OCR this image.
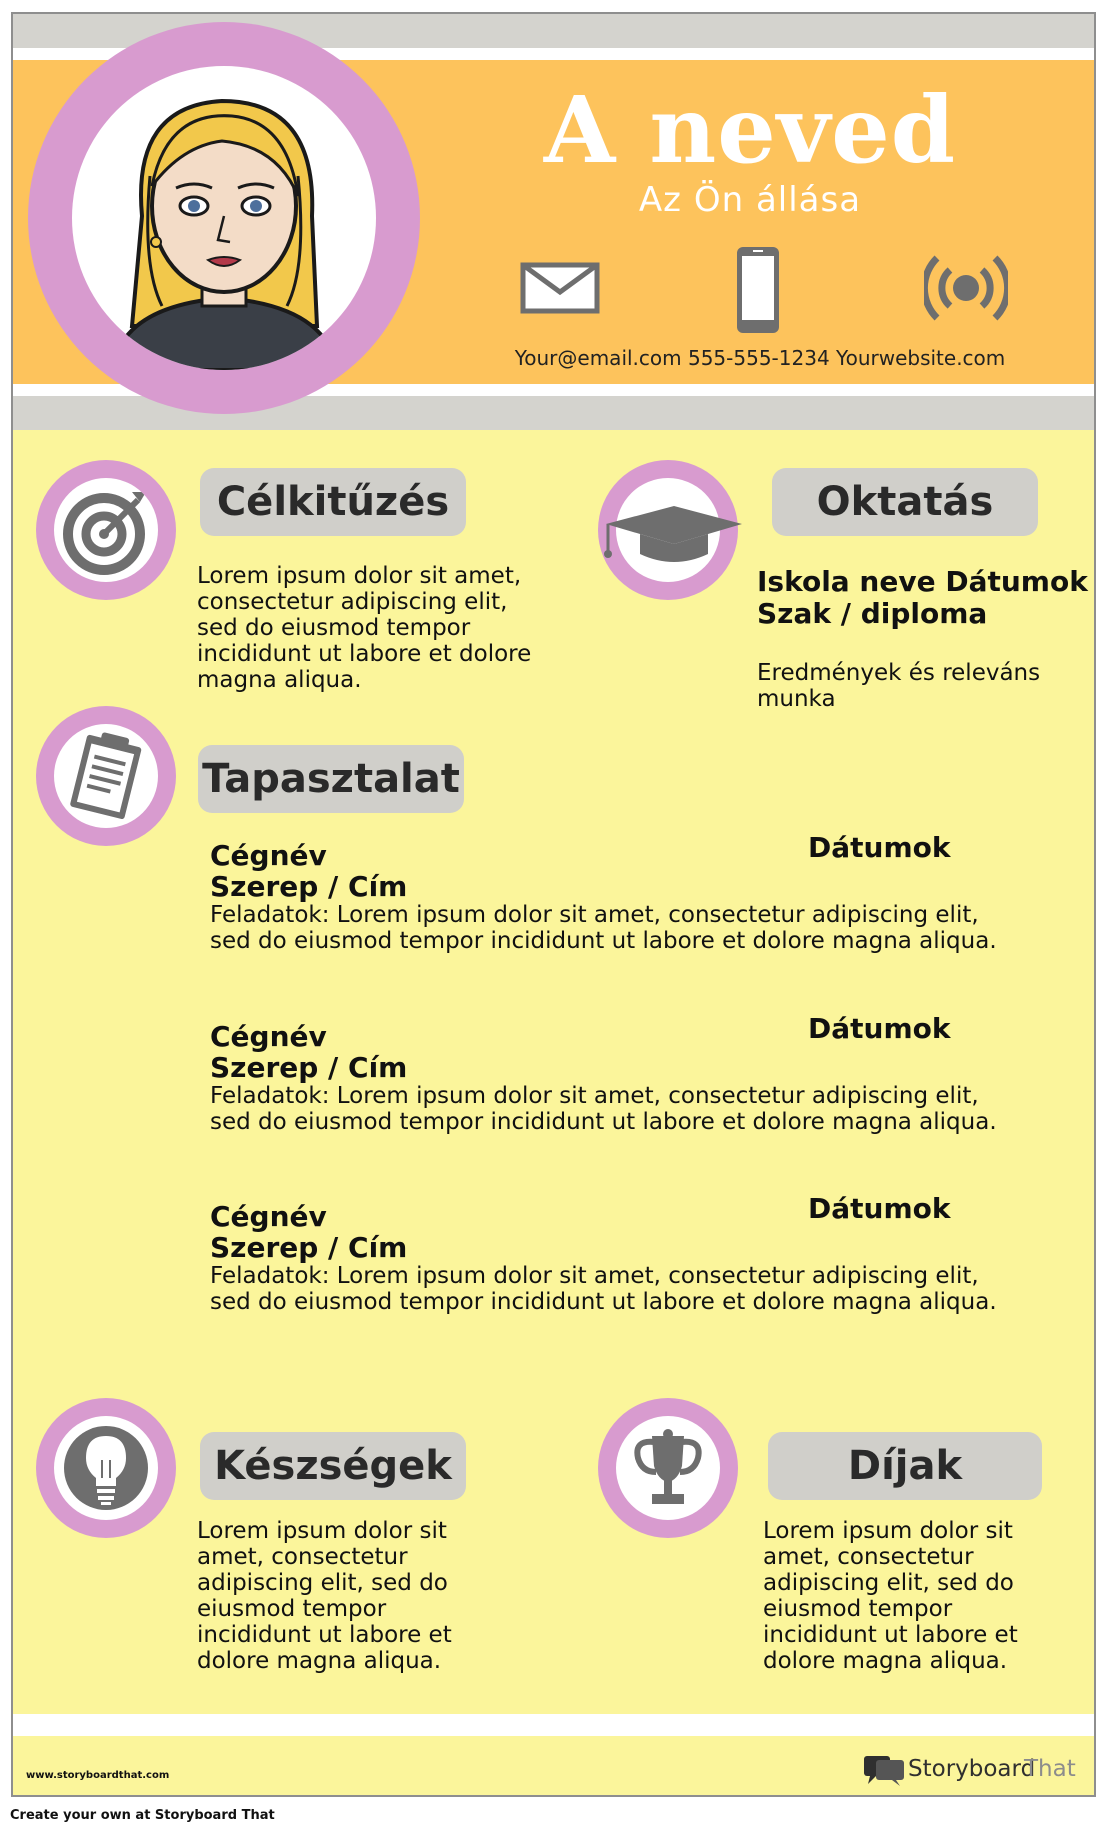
A neved
Az Ön állása
Your@email.com 555-555-1234 Yourwebsite.com
Célkitűzés
Lorem ipsum dolor sit amet, consectetur adipiscing elit, sed do eiusmod tempor incididunt ut labore et dolore magna aliqua.
Oktatás
Iskola neve Dátumok
Szak / diploma
Eredmények és releváns munka
Tapasztalat
Cégnév	Dátumok
Szerep / Cím
Feladatok: Lorem ipsum dolor sit amet, consectetur adipiscing elit, sed do eiusmod tempor incididunt ut labore et dolore magna aliqua.
Cégnév	Dátumok
Szerep / Cím
Feladatok: Lorem ipsum dolor sit amet, consectetur adipiscing elit, sed do eiusmod tempor incididunt ut labore et dolore magna aliqua.
Cégnév	Dátumok
Szerep / Cím
Feladatok: Lorem ipsum dolor sit amet, consectetur adipiscing elit, sed do eiusmod tempor incididunt ut labore et dolore magna aliqua.
Készségek
Lorem ipsum dolor sit amet, consectetur adipiscing elit, sed do eiusmod tempor incididunt ut labore et dolore magna aliqua.
Díjak
Lorem ipsum dolor sit amet, consectetur adipiscing elit, sed do eiusmod tempor incididunt ut labore et dolore magna aliqua.
www.storyboardthat.com	Storyboard
That
Create your own at Storyboard That
